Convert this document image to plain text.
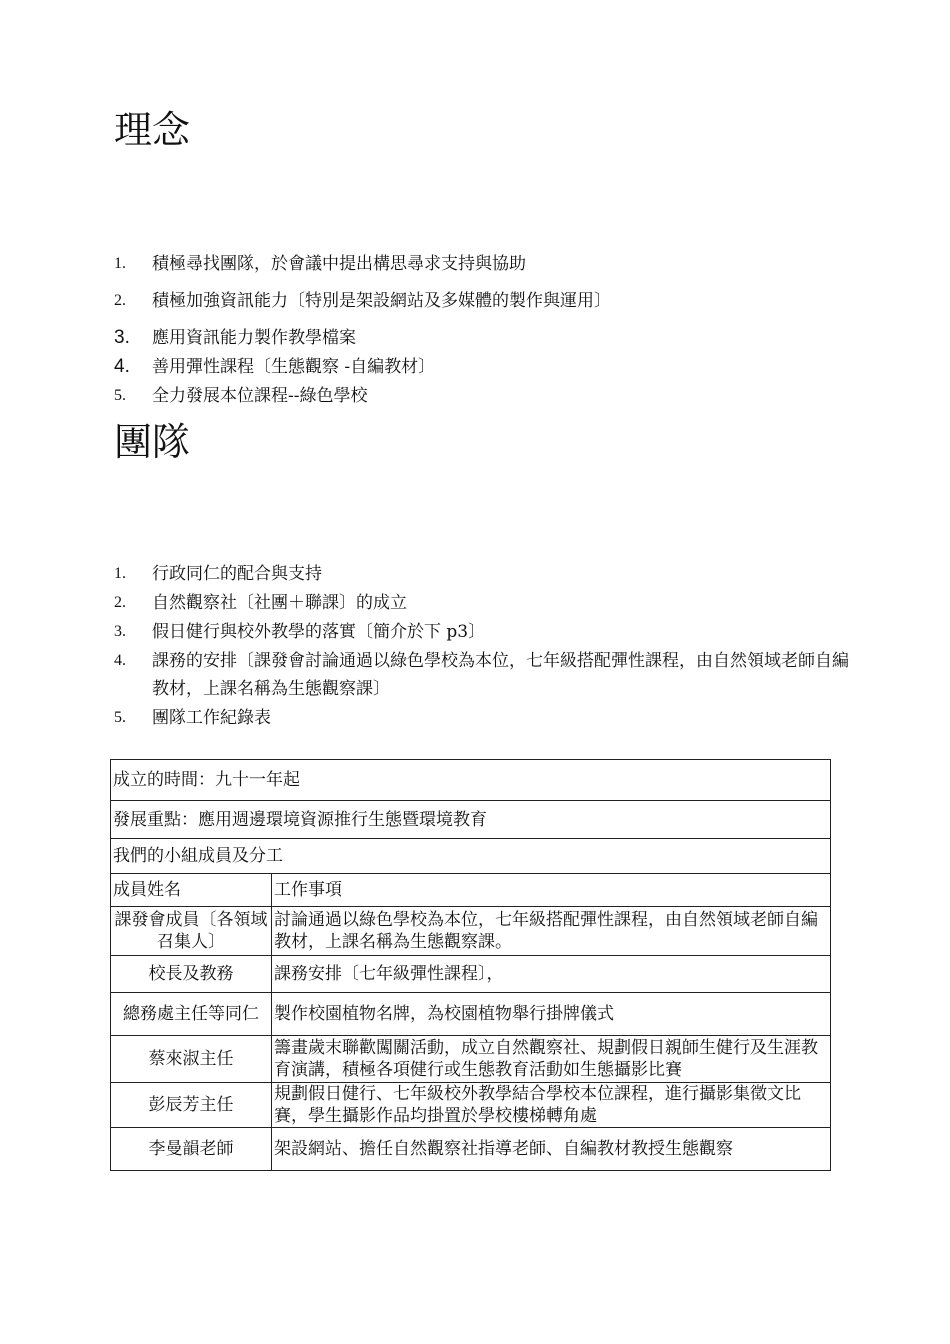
理念
1. 積極尋找團隊，於會議中提出構思尋求支持與協助
2. 積極加強資訊能力〔特別是架設網站及多媒體的製作與運用〕
3. 應用資訊能力製作教學檔案
4. 善用彈性課程〔生態觀察 -自編教材〕
5. 全力發展本位課程--綠色學校
團隊
1. 行政同仁的配合與支持
2. 自然觀察社〔社團＋聯課〕的成立
3. 假日健行與校外教學的落實〔簡介於下 p3〕
4. 課務的安排〔課發會討論通過以綠色學校為本位，七年級搭配彈性課程，由自然領域老師自編教材，上課名稱為生態觀察課〕
5. 團隊工作紀錄表
成立的時間：九十一年起	
發展重點：應用週邊環境資源推行生態暨環境教育	
我們的小組成員及分工	
成員姓名	工作事項
課發會成員〔各領域召集人〕	討論通過以綠色學校為本位，七年級搭配彈性課程，由自然領域老師自編教材，上課名稱為生態觀察課。
校長及教務	課務安排〔七年級彈性課程〕，
總務處主任等同仁	製作校園植物名牌，為校園植物舉行掛牌儀式
蔡來淑主任	籌畫歲末聯歡闖關活動，成立自然觀察社、規劃假日親師生健行及生涯教育演講，積極各項健行或生態教育活動如生態攝影比賽
彭辰芳主任	規劃假日健行、七年級校外教學結合學校本位課程，進行攝影集徵文比賽，學生攝影作品均掛置於學校樓梯轉角處
李曼韻老師	架設網站、擔任自然觀察社指導老師、自編教材教授生態觀察
